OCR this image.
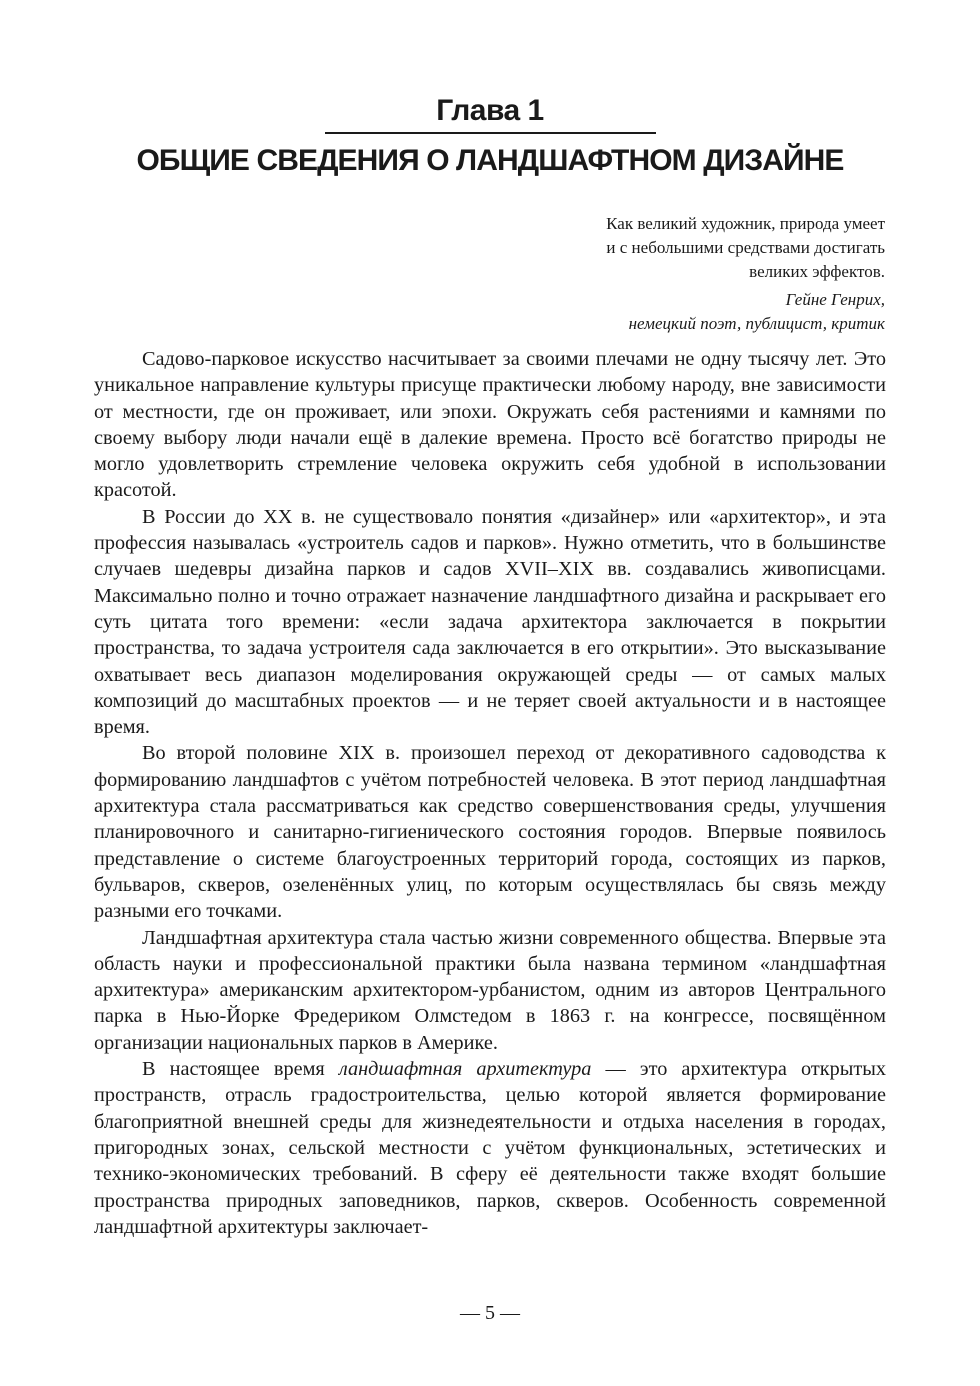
Глава 1
ОБЩИЕ СВЕДЕНИЯ О ЛАНДШАФТНОМ ДИЗАЙНЕ
Как великий художник, природа умеет
и с небольшими средствами достигать
великих эффектов.
Гейне Генрих,
немецкий поэт, публицист, критик

Садово-парковое искусство насчитывает за своими плечами не одну тысячу лет. Это уникальное направление культуры присуще практически любому народу, вне зависимости от местности, где он проживает, или эпохи. Окружать себя растениями и камнями по своему выбору люди начали ещё в далекие времена. Просто всё богатство природы не могло удовлетворить стремление человека окружить себя удобной в использовании красотой.

В России до XX в. не существовало понятия «дизайнер» или «архитектор», и эта профессия называлась «устроитель садов и парков». Нужно отметить, что в большинстве случаев шедевры дизайна парков и садов XVII–XIX вв. создавались живописцами. Максимально полно и точно отражает назначение ландшафтного дизайна и раскрывает его суть цитата того времени: «если задача архитектора заключается в покрытии пространства, то задача устроителя сада заключается в его открытии». Это высказывание охватывает весь диапазон моделирования окружающей среды — от самых малых композиций до масштабных проектов — и не теряет своей актуальности и в настоящее время.

Во второй половине XIX в. произошел переход от декоративного садоводства к формированию ландшафтов с учётом потребностей человека. В этот период ландшафтная архитектура стала рассматриваться как средство совершенствования среды, улучшения планировочного и санитарно-гигиенического состояния городов. Впервые появилось представление о системе благоустроенных территорий города, состоящих из парков, бульваров, скверов, озеленённых улиц, по которым осуществлялась бы связь между разными его точками.

Ландшафтная архитектура стала частью жизни современного общества. Впервые эта область науки и профессиональной практики была названа термином «ландшафтная архитектура» американским архитектором-урбанистом, одним из авторов Центрального парка в Нью-Йорке Фредериком Олмстедом в 1863 г. на конгрессе, посвящённом организации национальных парков в Америке.

В настоящее время ландшафтная архитектура — это архитектура открытых пространств, отрасль градостроительства, целью которой является формирование благоприятной внешней среды для жизнедеятельности и отдыха населения в городах, пригородных зонах, сельской местности с учётом функциональных, эстетических и технико-экономических требований. В сферу её деятельности также входят большие пространства природных заповедников, парков, скверов. Особенность современной ландшафтной архитектуры заключает-

— 5 —
